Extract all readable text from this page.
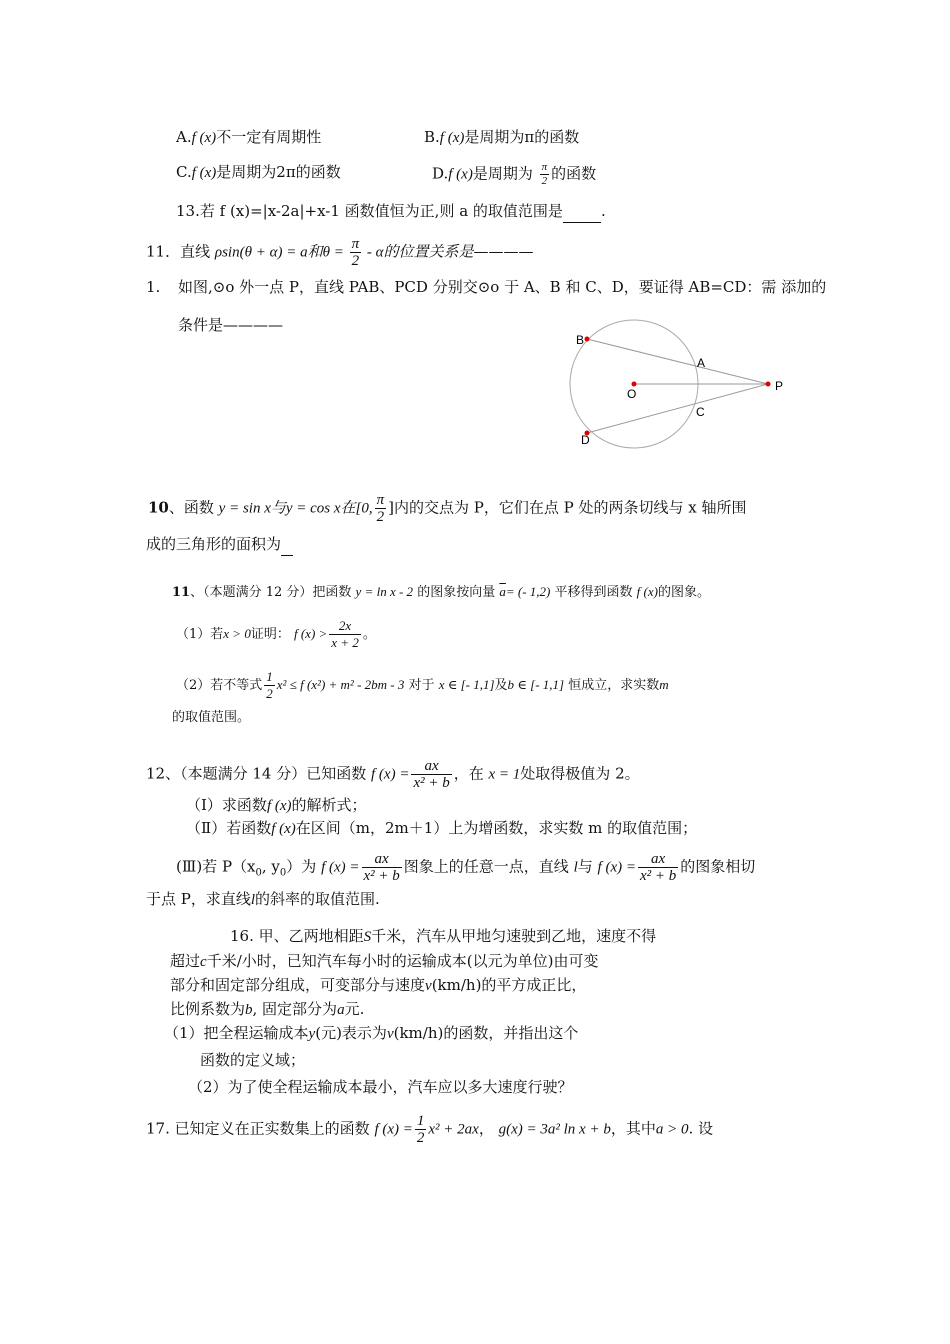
A.f (x)不一定有周期性	B.f (x)是周期为π的函数
C.f (x)是周期为2π的函数	D.f (x)是周期为 $\frac{\pi}{2}$ 的函数
13.若 f (x)=|x-2a|+x-1 函数值恒为正,则 a 的取值范围是	.
11．直线 ρsin(θ + α) = a和$\theta = \frac{\pi}{2} - \alpha$的位置关系是————
1. 如图,⊙o 外一点 P，直线 PAB、PCD 分别交⊙o 于 A、B 和 C、D，要证得 AB=CD：需 添加的
条件是————
B
A
O
P
C
D
10、函数 y = sin x与y = cos x在[0, $\frac{\pi}{2}$ ]内的交点为 P，它们在点 P 处的两条切线与 x 轴所围
成的三角形的面积为
11、（本题满分 12 分）把函数 y = ln x - 2 的图象按向量 $\overline{a}=$ (- 1,2) 平移得到函数 f (x)的图象。
（1）若x > 0证明： f $(x) > \frac{2x}{x + 2}$ 。
（2）若不等式 $\frac{1}{2} x^2 \le f$ (x²) + m² - 2bm - 3 对于 x ∈ [- 1,1]及b ∈ [- 1,1] 恒成立，求实数m
的取值范围。
12、（本题满分 14 分）已知函数 f $(x) = \frac{ax}{\text{x² + b}}$ ，在 x = 1处取得极值为 2。
（Ⅰ）求函数f (x)的解析式；
（Ⅱ）若函数f (x)在区间（m，2m＋1）上为增函数，求实数 m 的取值范围；
(Ⅲ)若 $P(x_0$, $y_0$）为 f $(x) = \frac{ax}{\text{x² + b}}$ 图象上的任意一点，直线 l与 f $(x) = \frac{ax}{\text{x² + b}}$ 的图象相切
于点 P，求直线l的斜率的取值范围.
16. 甲、乙两地相距S千米，汽车从甲地匀速驶到乙地，速度不得
超过c千米/小时，已知汽车每小时的运输成本(以元为单位)由可变
部分和固定部分组成，可变部分与速度v(km/h)的平方成正比，
比例系数为b, 固定部分为a元.
（1）把全程运输成本y(元)表示为v(km/h)的函数，并指出这个
函数的定义域；
（2）为了使全程运输成本最小，汽车应以多大速度行驶？
17. 已知定义在正实数集上的函数 f $(x) = \frac{1}{2} x^2 + 2ax$， g(x) = 3a² ln x + b，其中a > 0. 设
